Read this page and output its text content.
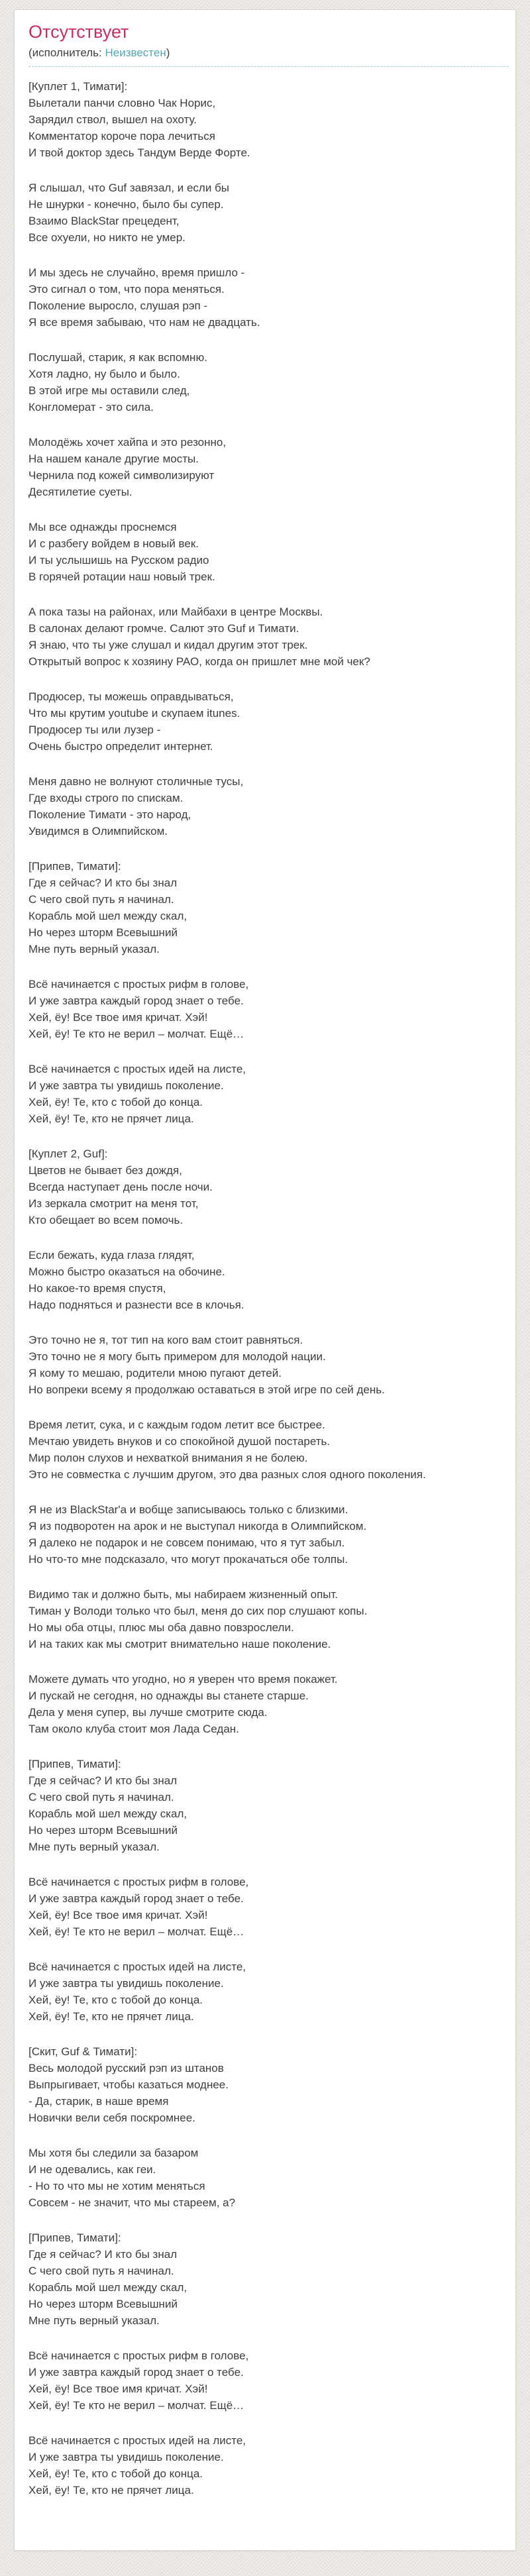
Отсутствует
(исполнитель: Неизвестен)
[Куплет 1, Тимати]:
Вылетали панчи словно Чак Норис,
Зарядил ствол, вышел на охоту.
Комментатор короче пора лечиться
И твой доктор здесь Тандум Верде Форте.
Я слышал, что Guf завязал, и если бы
Не шнурки - конечно, было бы супер.
Взаимо BlackStar прецедент,
Все охуели, но никто не умер.
И мы здесь не случайно, время пришло -
Это сигнал о том, что пора меняться.
Поколение выросло, слушая рэп -
Я все время забываю, что нам не двадцать.
Послушай, старик, я как вспомню.
Хотя ладно, ну было и было.
В этой игре мы оставили след,
Конгломерат - это сила.
Молодёжь хочет хайпа и это резонно,
На нашем канале другие мосты.
Чернила под кожей символизируют
Десятилетие суеты.
Мы все однажды проснемся
И с разбегу войдем в новый век.
И ты услышишь на Русском радио
В горячей ротации наш новый трек.
А пока тазы на районах, или Майбахи в центре Москвы.
В салонах делают громче. Салют это Guf и Тимати.
Я знаю, что ты уже слушал и кидал другим этот трек.
Открытый вопрос к хозяину РАО, когда он пришлет мне мой чек?
Продюсер, ты можешь оправдываться,
Что мы крутим youtube и скупаем itunes.
Продюсер ты или лузер -
Очень быстро определит интернет.
Меня давно не волнуют столичные тусы,
Где входы строго по спискам.
Поколение Тимати - это народ,
Увидимся в Олимпийском.
[Припев, Тимати]:
Где я сейчас? И кто бы знал
С чего свой путь я начинал.
Корабль мой шел между скал,
Но через шторм Всевышний
Мне путь верный указал.
Всё начинается с простых рифм в голове,
И уже завтра каждый город знает о тебе.
Хей, ёу! Все твое имя кричат. Хэй!
Хей, ёу! Те кто не верил – молчат. Ещё…
Всё начинается с простых идей на листе,
И уже завтра ты увидишь поколение.
Хей, ёу! Те, кто с тобой до конца.
Хей, ёу! Те, кто не прячет лица.
[Куплет 2, Guf]:
Цветов не бывает без дождя,
Всегда наступает день после ночи.
Из зеркала смотрит на меня тот,
Кто обещает во всем помочь.
Если бежать, куда глаза глядят,
Можно быстро оказаться на обочине.
Но какое-то время спустя,
Надо подняться и разнести все в клочья.
Это точно не я, тот тип на кого вам стоит равняться.
Это точно не я могу быть примером для молодой нации.
Я кому то мешаю, родители мною пугают детей.
Но вопреки всему я продолжаю оставаться в этой игре по сей день.
Время летит, сука, и с каждым годом летит все быстрее.
Мечтаю увидеть внуков и со спокойной душой постареть.
Мир полон слухов и нехваткой внимания я не болею.
Это не совместка с лучшим другом, это два разных слоя одного поколения.
Я не из BlackStar'a и вобще записываюсь только с близкими.
Я из подворотен на арок и не выступал никогда в Олимпийском.
Я далеко не подарок и не совсем понимаю, что я тут забыл.
Но что-то мне подсказало, что могут прокачаться обе толпы.
Видимо так и должно быть, мы набираем жизненный опыт.
Тиман у Володи только что был, меня до сих пор слушают копы.
Но мы оба отцы, плюс мы оба давно повзрослели.
И на таких как мы смотрит внимательно наше поколение.
Можете думать что угодно, но я уверен что время покажет.
И пускай не сегодня, но однажды вы станете старше.
Дела у меня супер, вы лучше смотрите сюда.
Там около клуба стоит моя Лада Седан.
[Припев, Тимати]:
Где я сейчас? И кто бы знал
С чего свой путь я начинал.
Корабль мой шел между скал,
Но через шторм Всевышний
Мне путь верный указал.
Всё начинается с простых рифм в голове,
И уже завтра каждый город знает о тебе.
Хей, ёу! Все твое имя кричат. Хэй!
Хей, ёу! Те кто не верил – молчат. Ещё…
Всё начинается с простых идей на листе,
И уже завтра ты увидишь поколение.
Хей, ёу! Те, кто с тобой до конца.
Хей, ёу! Те, кто не прячет лица.
[Скит, Guf & Тимати]:
Весь молодой русский рэп из штанов
Выпрыгивает, чтобы казаться моднее.
- Да, старик, в наше время
Новички вели себя поскромнее.
Мы хотя бы следили за базаром
И не одевались, как геи.
- Но то что мы не хотим меняться
Совсем - не значит, что мы стареем, а?
[Припев, Тимати]:
Где я сейчас? И кто бы знал
С чего свой путь я начинал.
Корабль мой шел между скал,
Но через шторм Всевышний
Мне путь верный указал.
Всё начинается с простых рифм в голове,
И уже завтра каждый город знает о тебе.
Хей, ёу! Все твое имя кричат. Хэй!
Хей, ёу! Те кто не верил – молчат. Ещё…
Всё начинается с простых идей на листе,
И уже завтра ты увидишь поколение.
Хей, ёу! Те, кто с тобой до конца.
Хей, ёу! Те, кто не прячет лица.
